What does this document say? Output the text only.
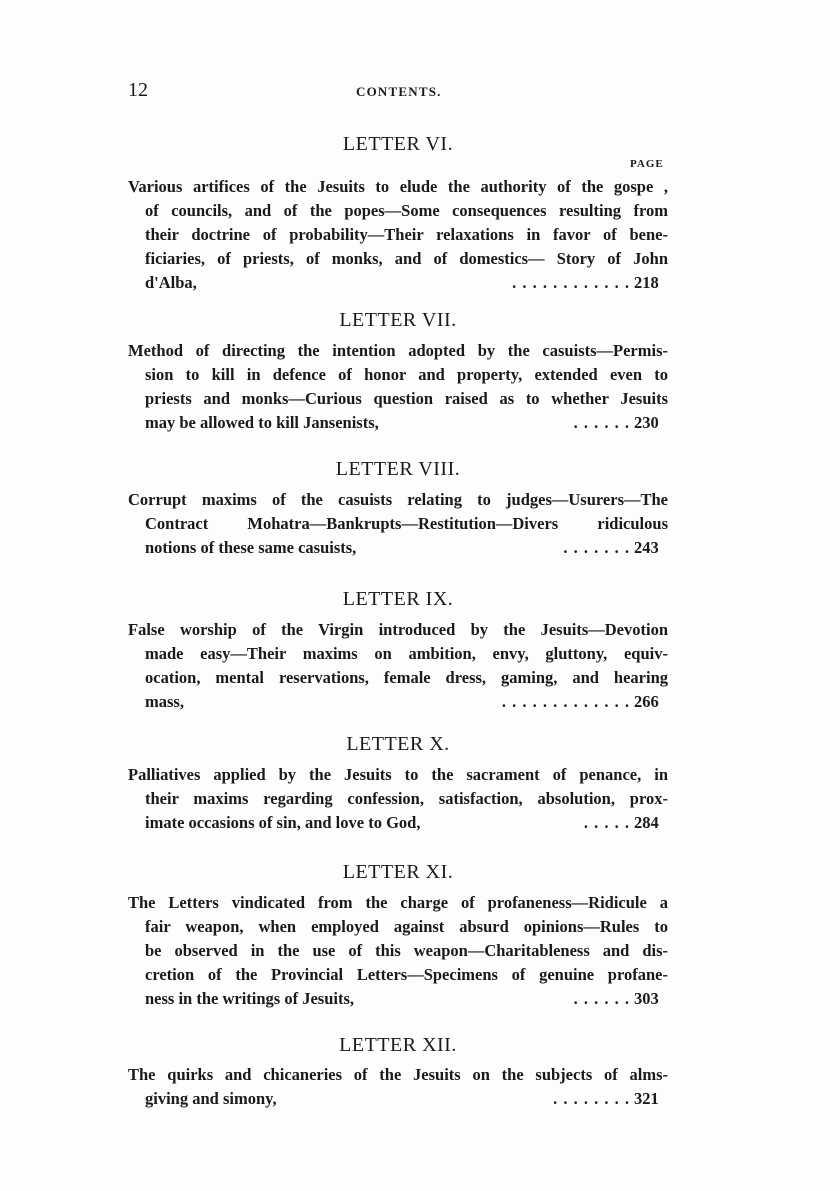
12	CONTENTS.
PAGE
LETTER VI.
Various artifices of the Jesuits to elude the authority of the gospe ,
of councils, and of the popes—Some consequences resulting from
their doctrine of probability—Their relaxations in favor of bene-
ficiaries, of priests, of monks, and of domestics— Story of John
d'Alba,	. . . . . . . . . . . . 218
LETTER VII.
Method of directing the intention adopted by the casuists—Permis-
sion to kill in defence of honor and property, extended even to
priests and monks—Curious question raised as to whether Jesuits
may be allowed to kill Jansenists,	. . . . . . 230
LETTER VIII.
Corrupt maxims of the casuists relating to judges—Usurers—The
Contract Mohatra—Bankrupts—Restitution—Divers ridiculous
notions of these same casuists,	. . . . . . . 243
LETTER IX.
False worship of the Virgin introduced by the Jesuits—Devotion
made easy—Their maxims on ambition, envy, gluttony, equiv-
ocation, mental reservations, female dress, gaming, and hearing
mass,	. . . . . . . . . . . . . 266
LETTER X.
Palliatives applied by the Jesuits to the sacrament of penance, in
their maxims regarding confession, satisfaction, absolution, prox-
imate occasions of sin, and love to God,	. . . . . 284
LETTER XI.
The Letters vindicated from the charge of profaneness—Ridicule a
fair weapon, when employed against absurd opinions—Rules to
be observed in the use of this weapon—Charitableness and dis-
cretion of the Provincial Letters—Specimens of genuine profane-
ness in the writings of Jesuits,	. . . . . . 303
LETTER XII.
The quirks and chicaneries of the Jesuits on the subjects of alms-
giving and simony,	. . . . . . . . 321
